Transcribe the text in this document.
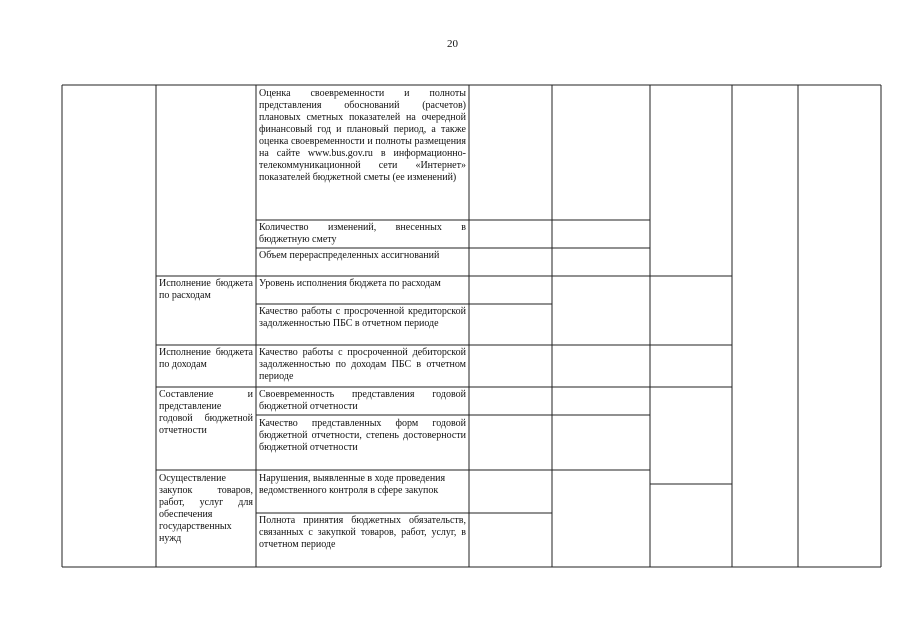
20

Оценка своевременности и полноты представления обоснований (расчетов) плановых сметных показателей на очередной финансовый год и плановый период, а также оценка своевременности и полноты размещения на сайте www.bus.gov.ru в информационно-телекоммуникационной сети «Интернет» показателей бюджетной сметы (ее изменений)

Количество изменений, внесенных в бюджетную смету

Объем перераспределенных ассигнований

Исполнение бюджета по расходам

Уровень исполнения бюджета по расходам

Качество работы с просроченной кредиторской задолженностью ПБС в отчетном периоде

Исполнение бюджета по доходам

Качество работы с просроченной дебиторской задолженностью по доходам ПБС в отчетном периоде

Составление и представление годовой бюджетной отчетности

Своевременность представления годовой бюджетной отчетности

Качество представленных форм годовой бюджетной отчетности, степень достоверности бюджетной отчетности

Осуществление закупок товаров, работ, услуг для обеспечения государственных нужд

Нарушения, выявленные в ходе проведения ведомственного контроля в сфере закупок

Полнота принятия бюджетных обязательств, связанных с закупкой товаров, работ, услуг, в отчетном периоде
